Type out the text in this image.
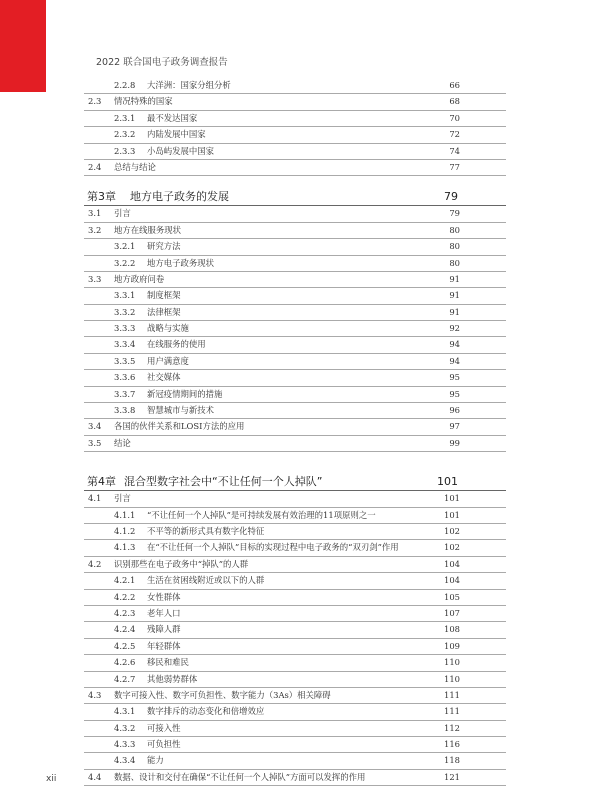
2022 联合国电子政务调查报告
2.2.8 大洋洲：国家分组分析	66
2.3 情况特殊的国家	68
2.3.1 最不发达国家	70
2.3.2 内陆发展中国家	72
2.3.3 小岛屿发展中国家	74
2.4 总结与结论	77
第3章 地方电子政务的发展	79
3.1 引言	79
3.2 地方在线服务现状	80
3.2.1 研究方法	80
3.2.2 地方电子政务现状	80
3.3 地方政府问卷	91
3.3.1 制度框架	91
3.3.2 法律框架	91
3.3.3 战略与实施	92
3.3.4 在线服务的使用	94
3.3.5 用户满意度	94
3.3.6 社交媒体	95
3.3.7 新冠疫情期间的措施	95
3.3.8 智慧城市与新技术	96
3.4 各国的伙伴关系和LOSI方法的应用	97
3.5 结论	99
第4章 混合型数字社会中“不让任何一个人掉队”	101
4.1 引言	101
4.1.1 “不让任何一个人掉队”是可持续发展有效治理的11项原则之一	101
4.1.2 不平等的新形式具有数字化特征	102
4.1.3 在“不让任何一个人掉队”目标的实现过程中电子政务的“双刃剑”作用	102
4.2 识别那些在电子政务中“掉队”的人群	104
4.2.1 生活在贫困线附近或以下的人群	104
4.2.2 女性群体	105
4.2.3 老年人口	107
4.2.4 残障人群	108
4.2.5 年轻群体	109
4.2.6 移民和难民	110
4.2.7 其他弱势群体	110
4.3 数字可接入性、数字可负担性、数字能力（3As）相关障碍	111
4.3.1 数字排斥的动态变化和倍增效应	111
4.3.2 可接入性	112
4.3.3 可负担性	116
4.3.4 能力	118
4.4 数据、设计和交付在确保“不让任何一个人掉队”方面可以发挥的作用	121
xii
